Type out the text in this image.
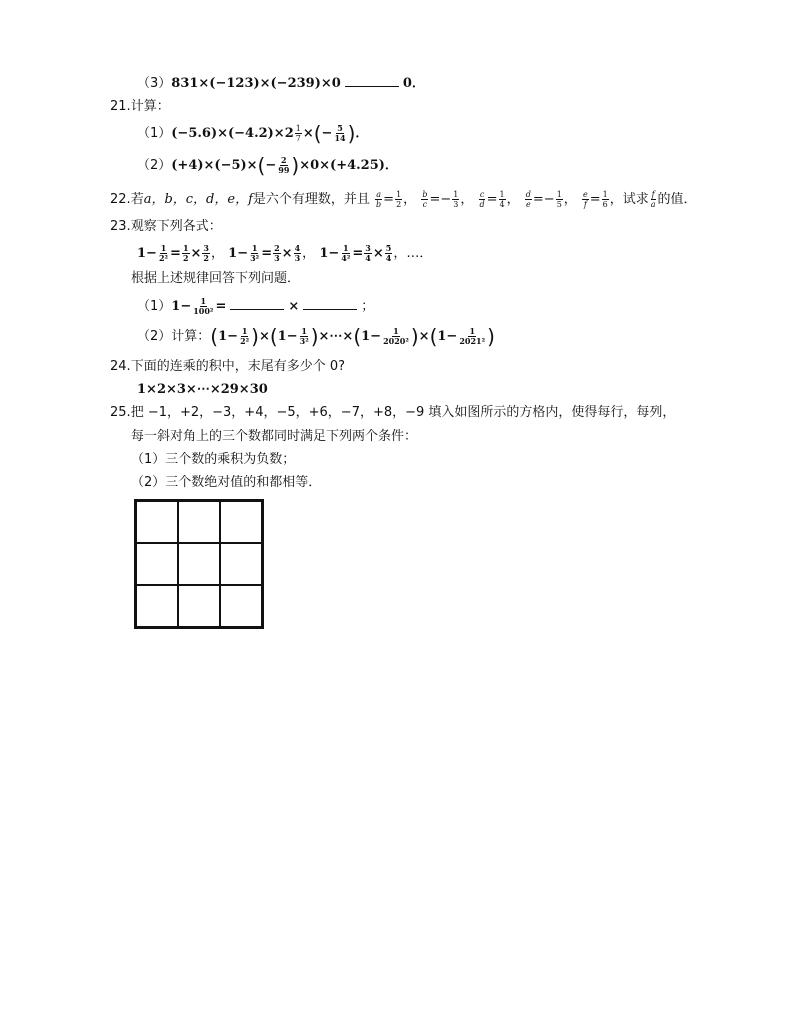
（3）831×(−123)×(−239)×0	0．
21.计算：
$(1)(-5.6)\times(-4.2)\times 2 \frac{1}{7}$ ×(− $\frac{5}{14}$ )．
$(2)(+4)\times(-5)\times(- \frac{2}{99} )\times 0\times(+4.25)$．
22.若a，b，c，d，e，f是六个有理数，并且 $\frac{a}{b} = \frac{1}{2}$ ， $\frac{b}{c} =- \frac{1}{3}$ ， $\frac{c}{d} = \frac{1}{4}$ ， $\frac{d}{e} =- \frac{1}{5}$ ， $\frac{e}{f} = \frac{1}{6}$ ，试求 $\frac{f}{a}$ 的值．
23.观察下列各式：
$1- \frac{1}{\text{2²}} = \frac{1}{2} \times \frac{3}{2}$ ， $1- \frac{1}{\text{3²}} = \frac{2}{3} \times \frac{4}{3}$ ， $1- \frac{1}{\text{4²}} = \frac{3}{4} \times \frac{5}{4}$ ，…．
根据上述规律回答下列问题．
$(1)1- \frac{1}{\text{100²}}$ =	×	；
（2）计算：$(1- \frac{1}{\text{2²}} )\times(1- \frac{1}{\text{3²}}$ )×⋯×(1− $\frac{1}{\text{2020²}} )\times(1- \frac{1}{\text{2021²}}$ )
24.下面的连乘的积中，末尾有多少个 0?
1×2×3×⋯×29×30
25.把 −1，+2，−3，+4，−5，+6，−7，+8，−9 填入如图所示的方格内，使得每行，每列，
每一斜对角上的三个数都同时满足下列两个条件：
（1）三个数的乘积为负数；
（2）三个数绝对值的和都相等．
